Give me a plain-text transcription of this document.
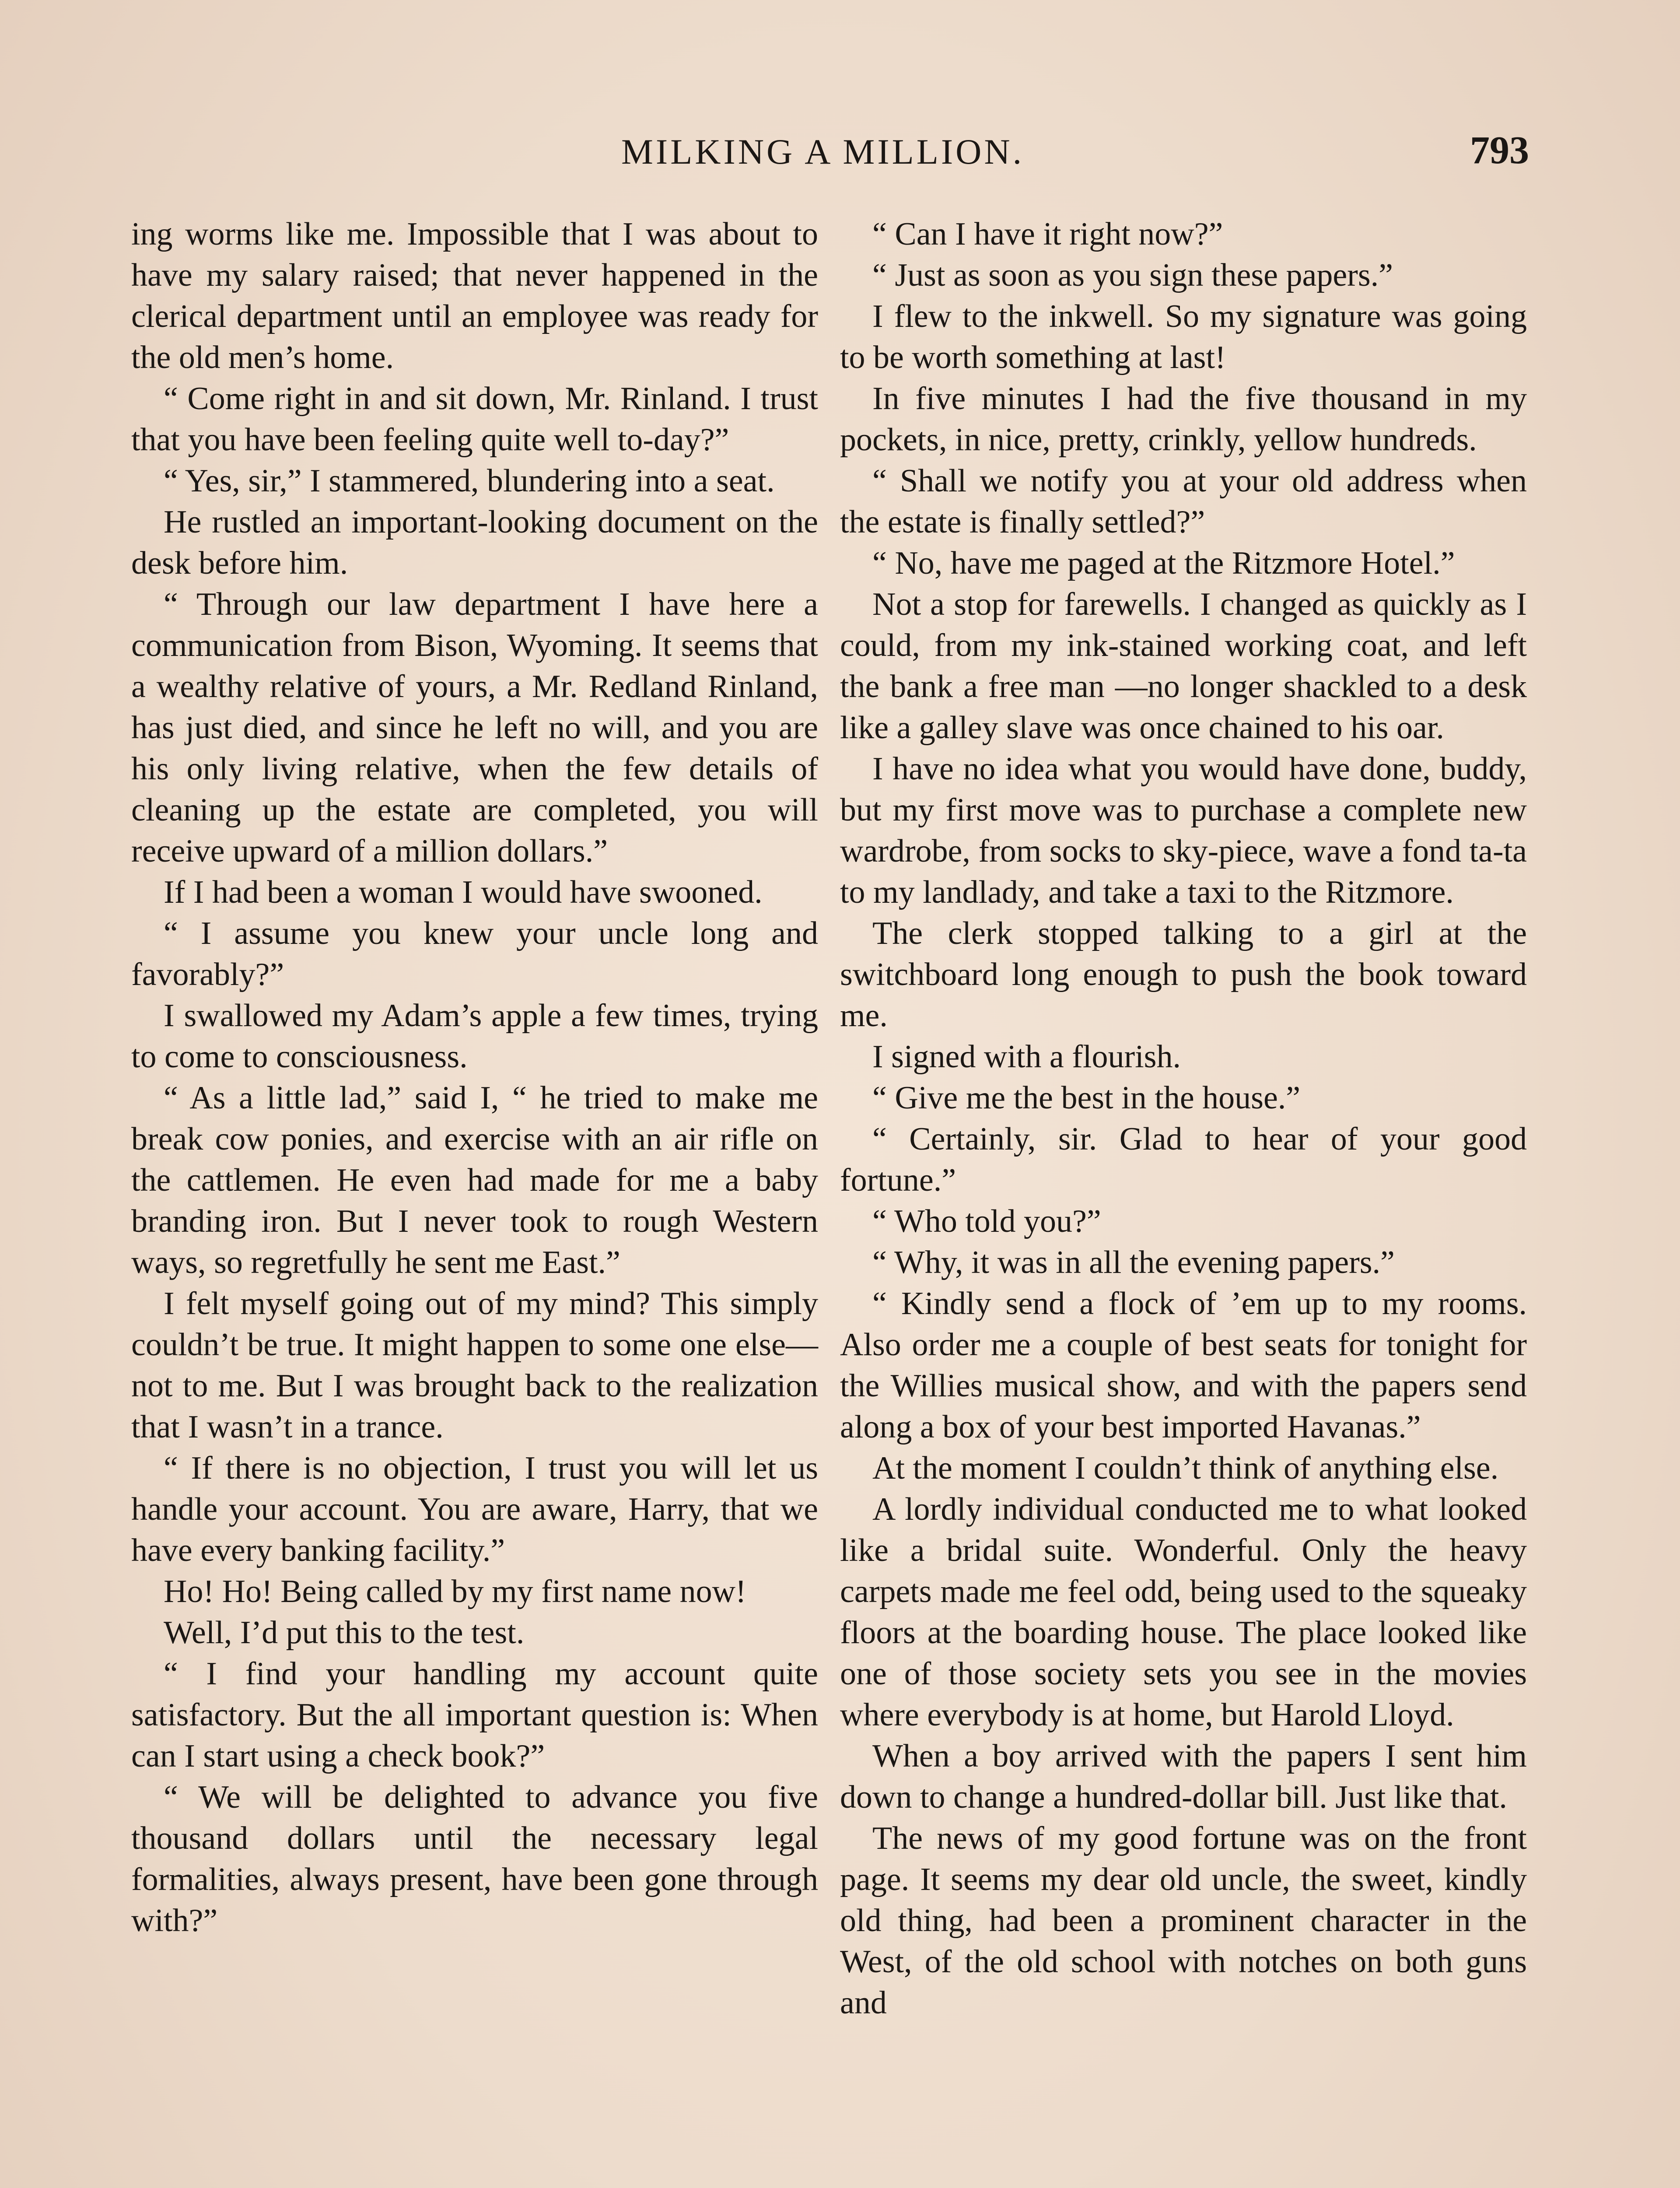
MILKING A MILLION.	793

ing worms like me. Impossible that I was about to have my salary raised; that never happened in the clerical department until an employee was ready for the old men’s home.

“ Come right in and sit down, Mr. Rinland. I trust that you have been feeling quite well to-day?”

“ Yes, sir,” I stammered, blundering into a seat.

He rustled an important-looking document on the desk before him.

“ Through our law department I have here a communication from Bison, Wyoming. It seems that a wealthy relative of yours, a Mr. Redland Rinland, has just died, and since he left no will, and you are his only living relative, when the few details of cleaning up the estate are completed, you will receive upward of a million dollars.”

If I had been a woman I would have swooned.

“ I assume you knew your uncle long and favorably?”

I swallowed my Adam’s apple a few times, trying to come to consciousness.

“ As a little lad,” said I, “ he tried to make me break cow ponies, and exercise with an air rifle on the cattlemen. He even had made for me a baby branding iron. But I never took to rough Western ways, so regretfully he sent me East.”

I felt myself going out of my mind? This simply couldn’t be true. It might happen to some one else—not to me. But I was brought back to the realization that I wasn’t in a trance.

“ If there is no objection, I trust you will let us handle your account. You are aware, Harry, that we have every banking facility.”

Ho! Ho! Being called by my first name now!

Well, I’d put this to the test.

“ I find your handling my account quite satisfactory. But the all important question is: When can I start using a check book?”

“ We will be delighted to advance you five thousand dollars until the necessary legal formalities, always present, have been gone through with?”

“ Can I have it right now?”

“ Just as soon as you sign these papers.”

I flew to the inkwell. So my signature was going to be worth something at last!

In five minutes I had the five thousand in my pockets, in nice, pretty, crinkly, yellow hundreds.

“ Shall we notify you at your old address when the estate is finally settled?”

“ No, have me paged at the Ritzmore Hotel.”

Not a stop for farewells. I changed as quickly as I could, from my ink-stained working coat, and left the bank a free man —no longer shackled to a desk like a galley slave was once chained to his oar.

I have no idea what you would have done, buddy, but my first move was to purchase a complete new wardrobe, from socks to sky-piece, wave a fond ta-ta to my landlady, and take a taxi to the Ritzmore.

The clerk stopped talking to a girl at the switchboard long enough to push the book toward me.

I signed with a flourish.

“ Give me the best in the house.”

“ Certainly, sir. Glad to hear of your good fortune.”

“ Who told you?”

“ Why, it was in all the evening papers.”

“ Kindly send a flock of ’em up to my rooms. Also order me a couple of best seats for tonight for the Willies musical show, and with the papers send along a box of your best imported Havanas.”

At the moment I couldn’t think of anything else.

A lordly individual conducted me to what looked like a bridal suite. Wonderful. Only the heavy carpets made me feel odd, being used to the squeaky floors at the boarding house. The place looked like one of those society sets you see in the movies where everybody is at home, but Harold Lloyd.

When a boy arrived with the papers I sent him down to change a hundred-dollar bill. Just like that.

The news of my good fortune was on the front page. It seems my dear old uncle, the sweet, kindly old thing, had been a prominent character in the West, of the old school with notches on both guns and
